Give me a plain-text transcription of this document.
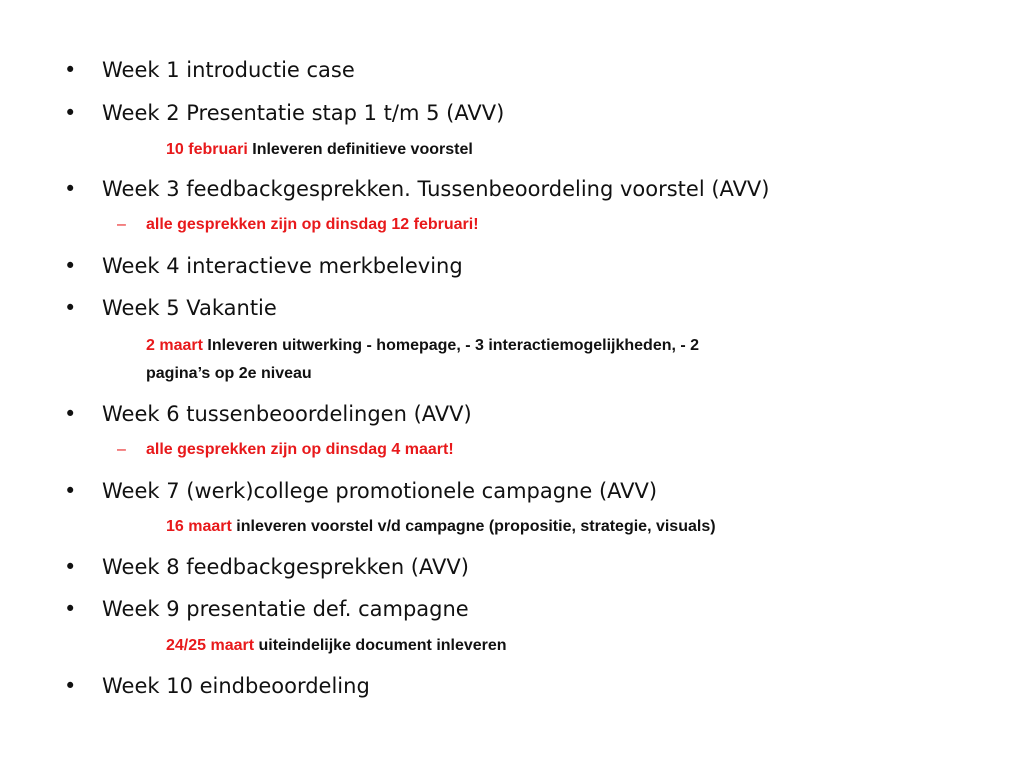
• Week 1 introductie case
• Week 2 Presentatie stap 1 t/m 5 (AVV)
10 februari Inleveren definitieve voorstel
• Week 3 feedbackgesprekken. Tussenbeoordeling voorstel (AVV)
– alle gesprekken zijn op dinsdag 12 februari!
• Week 4 interactieve merkbeleving
• Week 5 Vakantie
2 maart Inleveren uitwerking - homepage, - 3 interactiemogelijkheden, - 2
pagina’s op 2e niveau
• Week 6 tussenbeoordelingen (AVV)
– alle gesprekken zijn op dinsdag 4 maart!
• Week 7 (werk)college promotionele campagne (AVV)
16 maart inleveren voorstel v/d campagne (propositie, strategie, visuals)
• Week 8 feedbackgesprekken (AVV)
• Week 9 presentatie def. campagne
24/25 maart uiteindelijke document inleveren
• Week 10 eindbeoordeling
